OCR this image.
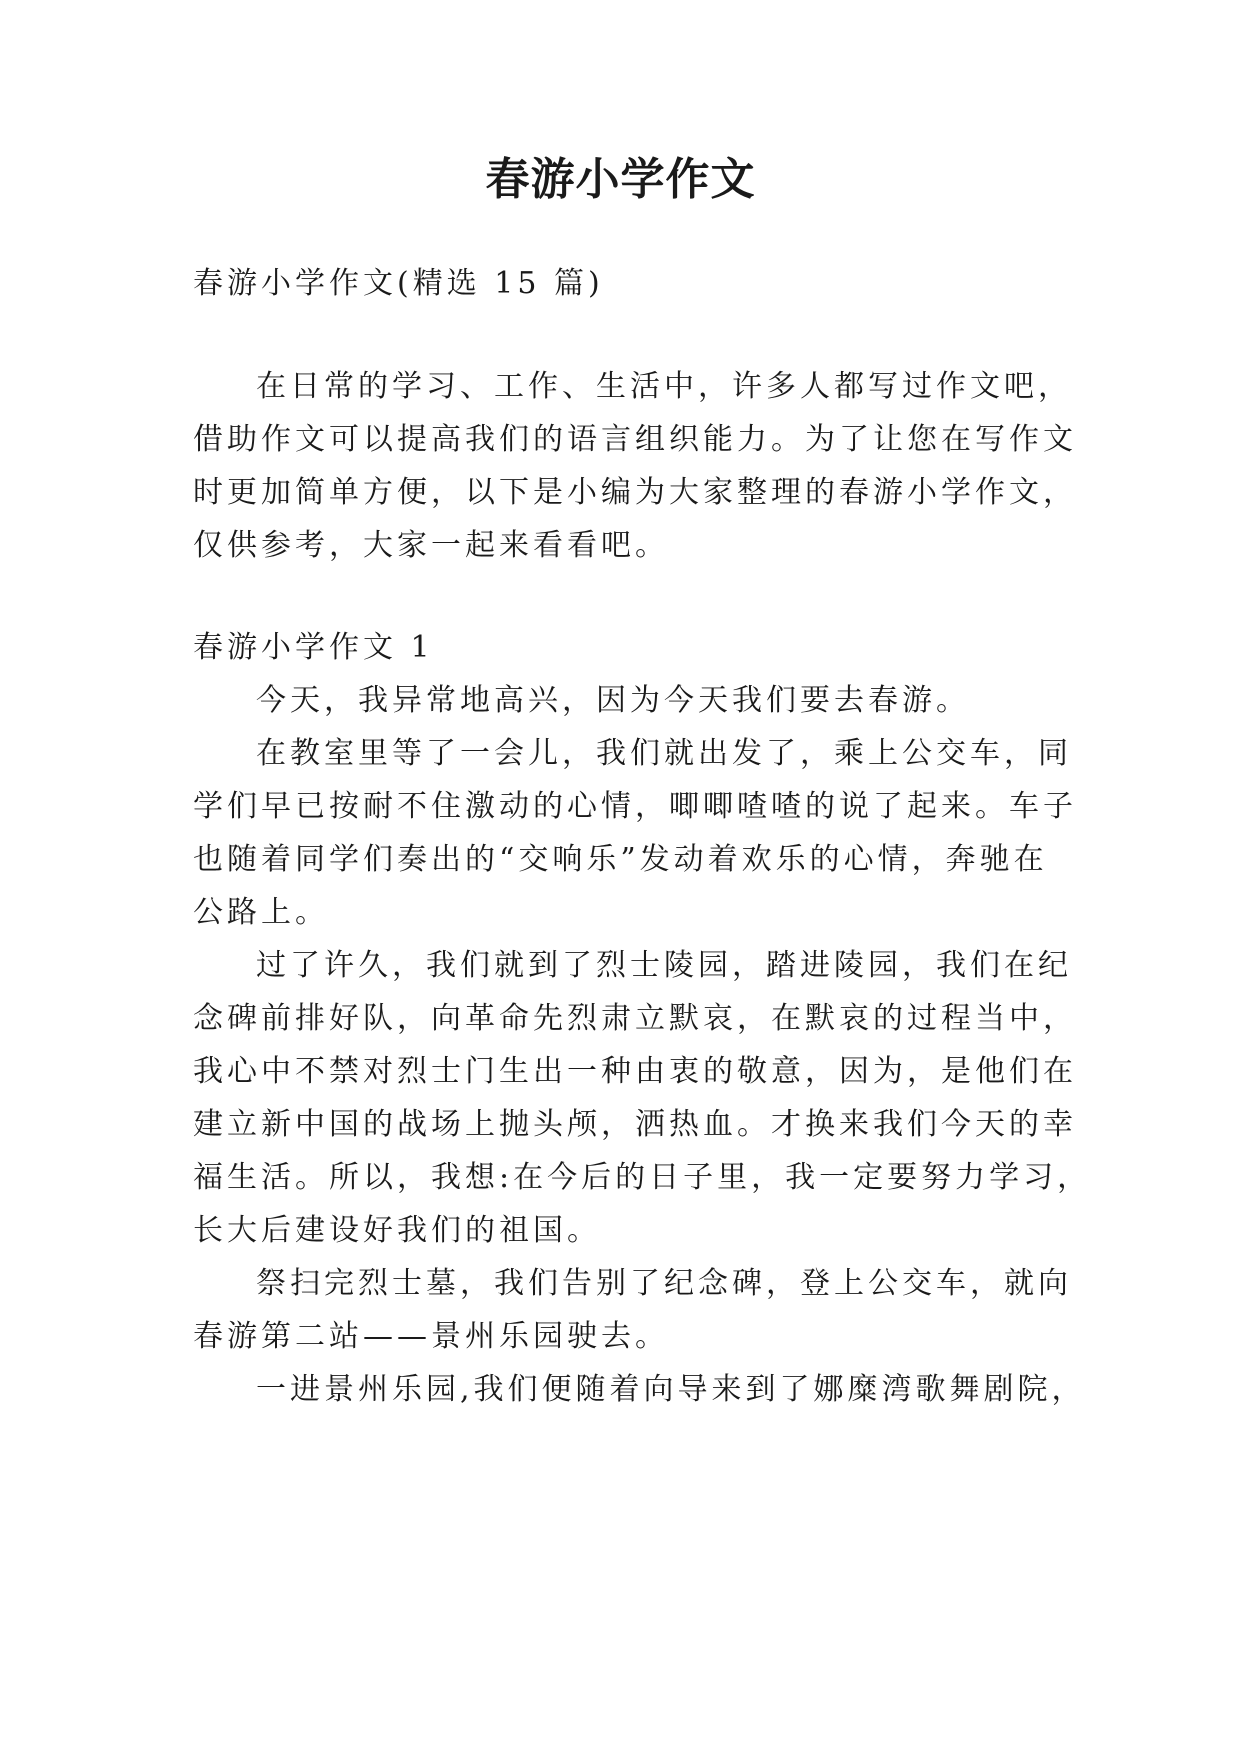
春游小学作文
春游小学作文(精选 15 篇)
在日常的学习、工作、生活中，许多人都写过作文吧，
借助作文可以提高我们的语言组织能力。为了让您在写作文
时更加简单方便，以下是小编为大家整理的春游小学作文，
仅供参考，大家一起来看看吧。
春游小学作文 1
今天，我异常地高兴，因为今天我们要去春游。
在教室里等了一会儿，我们就出发了，乘上公交车，同
学们早已按耐不住激动的心情，唧唧喳喳的说了起来。车子
也随着同学们奏出的“交响乐”发动着欢乐的心情，奔驰在
公路上。
过了许久，我们就到了烈士陵园，踏进陵园，我们在纪
念碑前排好队，向革命先烈肃立默哀，在默哀的过程当中，
我心中不禁对烈士门生出一种由衷的敬意，因为，是他们在
建立新中国的战场上抛头颅，洒热血。才换来我们今天的幸
福生活。所以，我想:在今后的日子里，我一定要努力学习，
长大后建设好我们的祖国。
祭扫完烈士墓，我们告别了纪念碑，登上公交车，就向
春游第二站——景州乐园驶去。
一进景州乐园,我们便随着向导来到了娜糜湾歌舞剧院，
